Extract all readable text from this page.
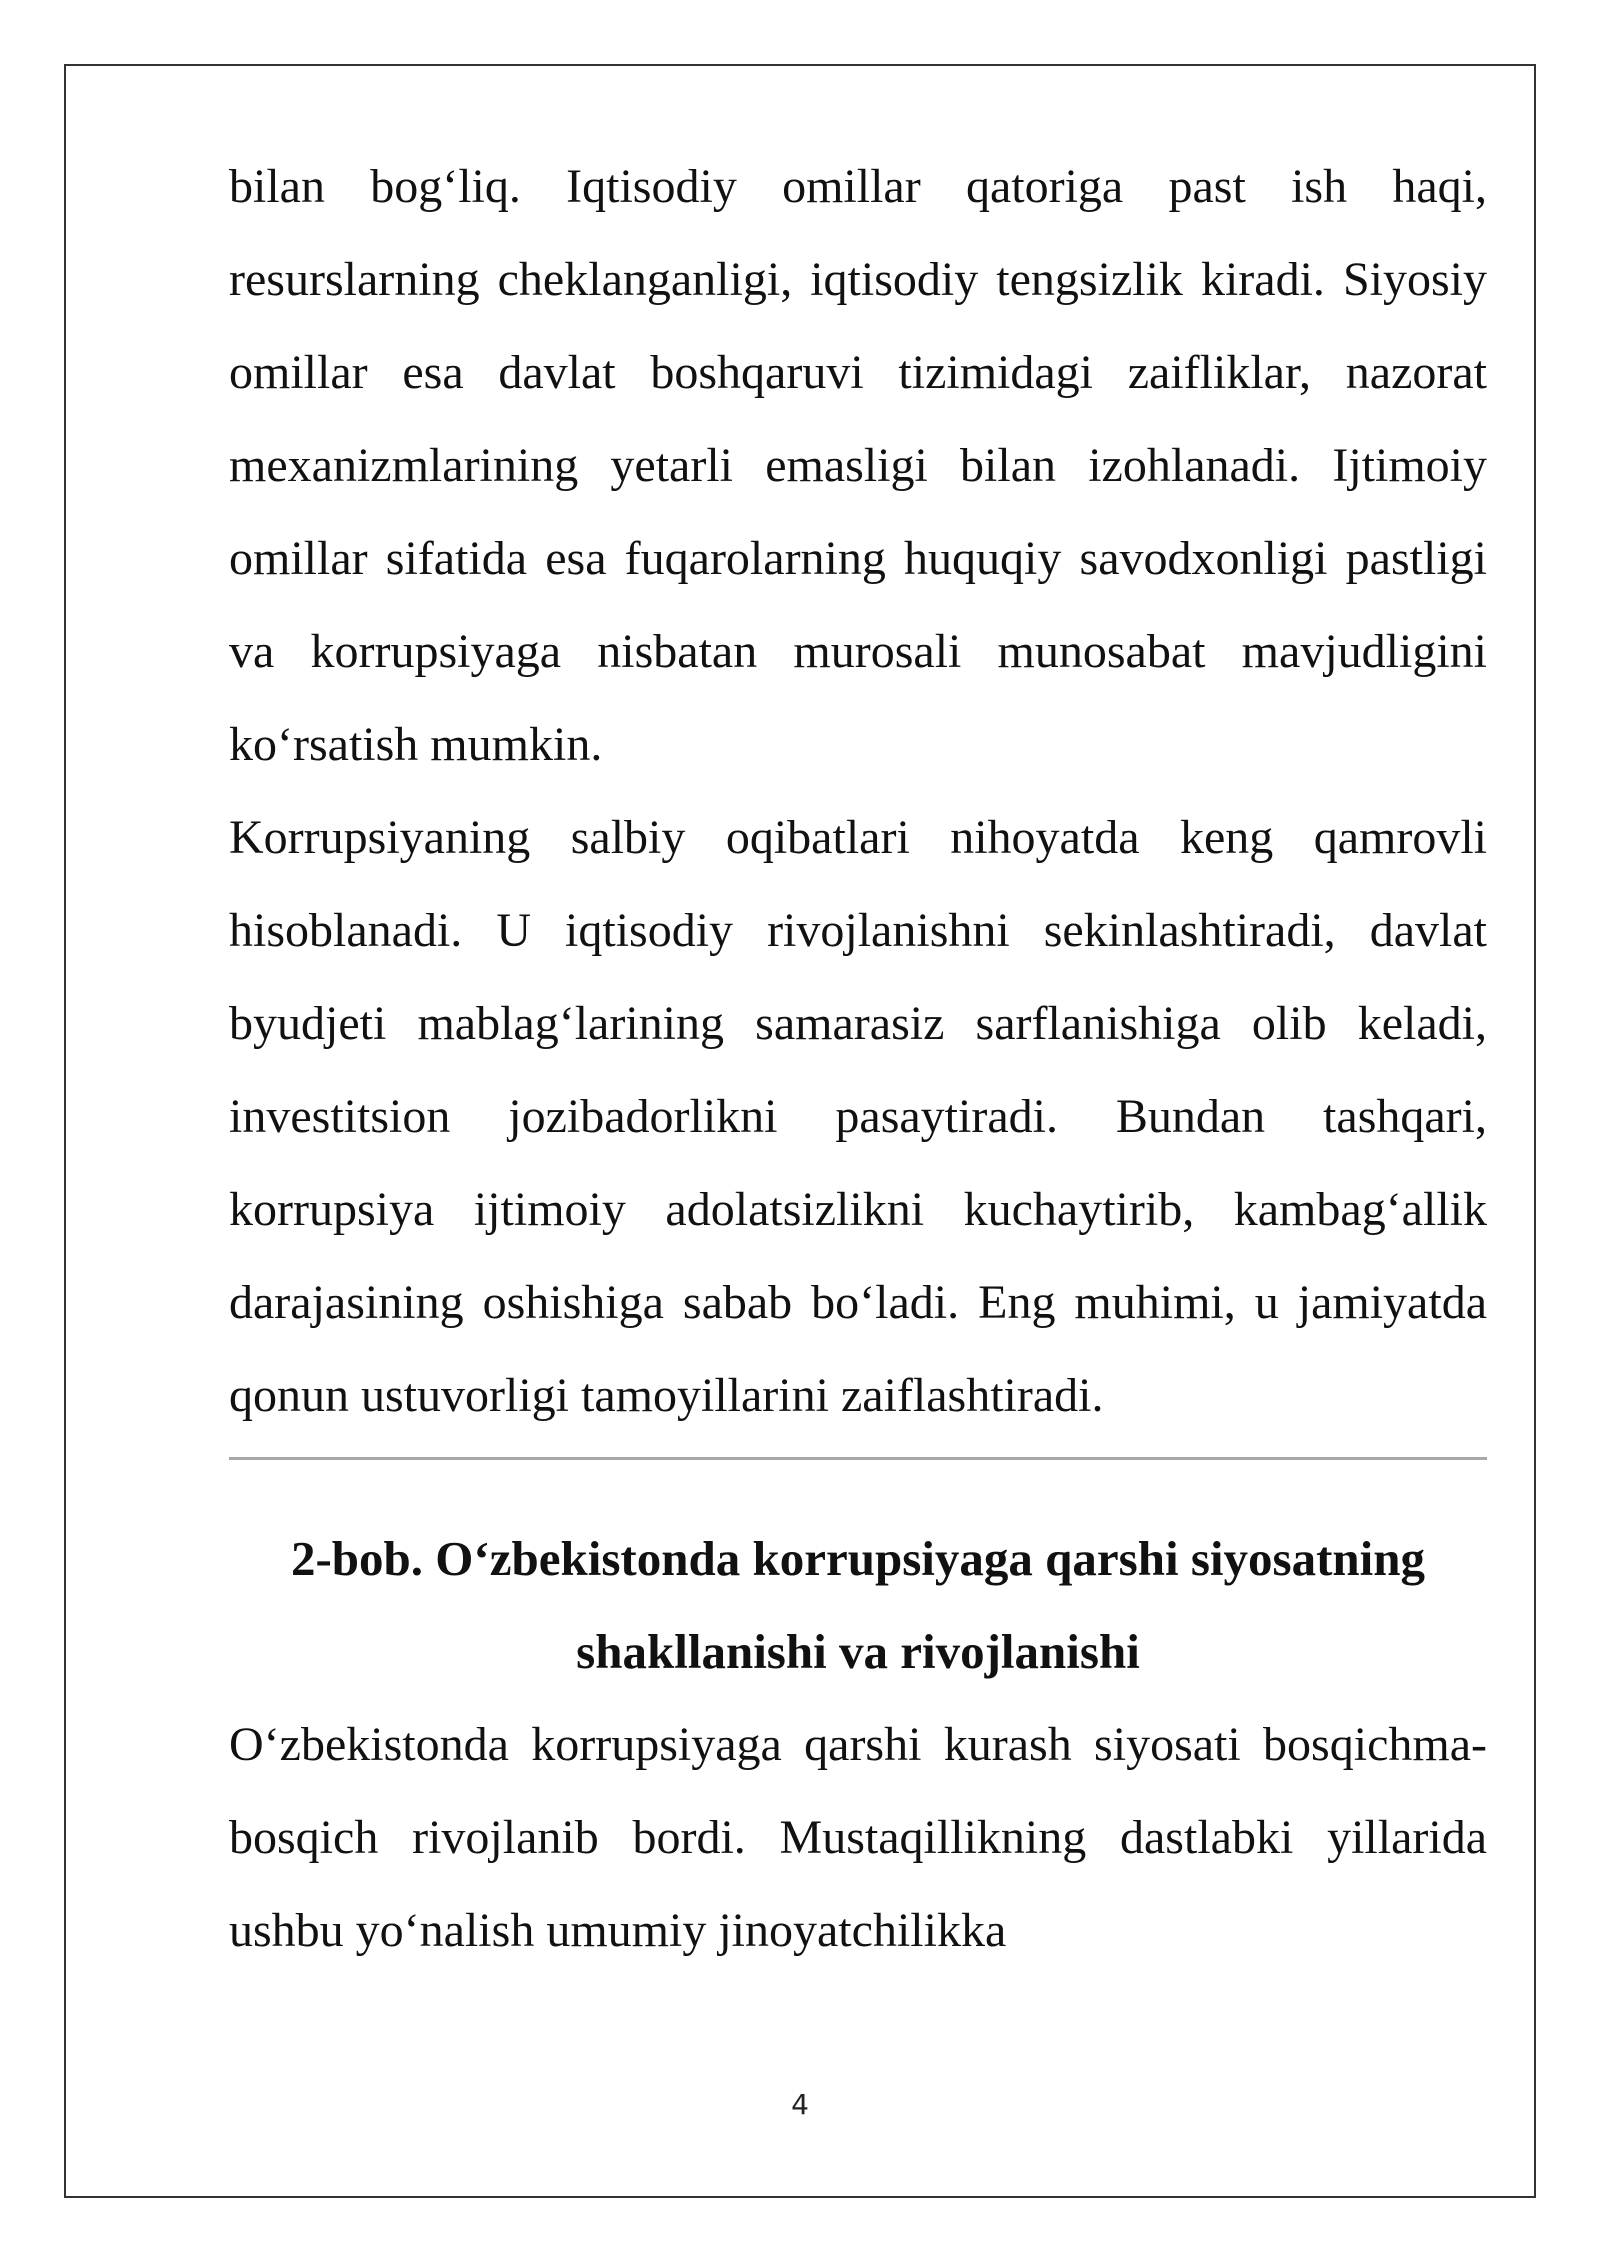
bilan bog‘liq. Iqtisodiy omillar qatoriga past ish haqi, resurslarning cheklanganligi, iqtisodiy tengsizlik kiradi. Siyosiy omillar esa davlat boshqaruvi tizimidagi zaifliklar, nazorat mexanizmlarining yetarli emasligi bilan izohlanadi. Ijtimoiy omillar sifatida esa fuqarolarning huquqiy savodxonligi pastligi va korrupsiyaga nisbatan murosali munosabat mavjudligini ko‘rsatish mumkin.

Korrupsiyaning salbiy oqibatlari nihoyatda keng qamrovli hisoblanadi. U iqtisodiy rivojlanishni sekinlashtiradi, davlat byudjeti mablag‘larining samarasiz sarflanishiga olib keladi, investitsion jozibadorlikni pasaytiradi. Bundan tashqari, korrupsiya ijtimoiy adolatsizlikni kuchaytirib, kambag‘allik darajasining oshishiga sabab bo‘ladi. Eng muhimi, u jamiyatda qonun ustuvorligi tamoyillarini zaiflashtiradi.

2-bob. O‘zbekistonda korrupsiyaga qarshi siyosatning shakllanishi va rivojlanishi

O‘zbekistonda korrupsiyaga qarshi kurash siyosati bosqichma-bosqich rivojlanib bordi. Mustaqillikning dastlabki yillarida ushbu yo‘nalish umumiy jinoyatchilikka

4
